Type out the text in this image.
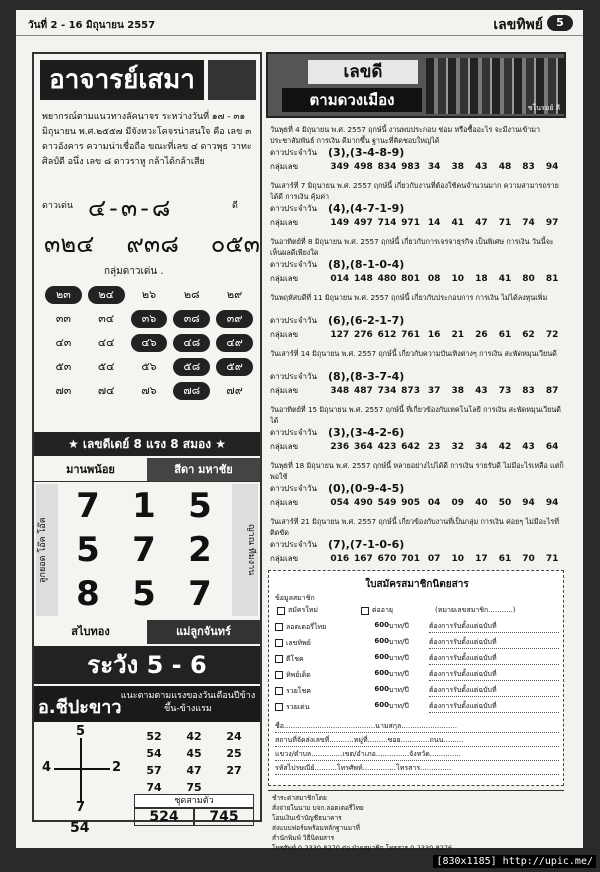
วันที่ 2 - 16 มิถุนายน 2557	เลขทิพย์	5
อาจารย์เสมา
พยากรณ์ตามแนวทางลัคนาจร ระหว่างวันที่ ๑๗ - ๓๑ มิถุนายน พ.ศ.๒๕๕๗ มีจังหวะโคจรน่าสนใจ คือ เลข ๓ ดาวอังคาร ความน่าเชื่อถือ ขณะที่เลข ๔ ดาวพุธ วาทะศิลป์ดี อนึ่ง เลข ๘ ดาวราหู กล้าได้กล้าเสีย
ดาวเด่น ๔-๓-๘	ดี
๓๒๔ ๙๓๘ ๐๕๓
กลุ่มดาวเด่น .
๒๓	๒๔	๒๖	๒๘	๒๙
๓๓	๓๔	๓๖	๓๘	๓๙
๔๓	๔๔	๔๖	๔๘	๔๙
๕๓	๕๔	๕๖	๕๘	๕๙
๗๓	๗๔	๗๖	๗๘	๗๙
★ เลขดีเดย์ 8 แรง 8 สมอง ★
มานพน้อย	สีดา มหาชัย
ลูกยอด โอ๊ค โอ๊ค
7 1 5
5 7 2
8 5 7
ญาณ ทีมงาน
สไบทอง	แม่ลูกจันทร์
ระวัง 5 - 6
อ.ชีปะขาว
แนะตามตามแรงของวันเดือนปีข้างขึ้น-ข้างแรม
5
4	2
7
54
52	42	24
54	45	25
57	47	27
74	75
ชุดสามตัว
524	745
เลขดี
ตามดวงเมือง	ชโนรมย์ ลี
วันพุธที่ 4 มิถุนายน พ.ศ. 2557 ฤกษ์นี้ งานพบประกอบ ช่อม หรือซื้ออะไร จะมีงานเข้ามาประชาสัมพันธ์ การเงิน ดีมากขึ้น ฐานะที่คิดชอบใหญ่ได้
ดาวประจำวัน	(3),(3-4-8-9)
กลุ่มเลข	349 498 834 983 34	38	43	48	83	94
วันเสาร์ที่ 7 มิถุนายน พ.ศ. 2557 ฤกษ์นี้ เกี่ยวกับงานที่ต้องใช้คนจำนวนมาก ความสามารถรายได้ดี การเงิน คุ้มค่า
ดาวประจำวัน	(4),(4-7-1-9)
กลุ่มเลข	149 497 714 971 14	41	47	71	74	97
วันอาทิตย์ที่ 8 มิถุนายน พ.ศ. 2557 ฤกษ์นี้ เกี่ยวกับการเจรจาธุรกิจ เป็นพิเศษ การเงิน วันนี้จะเห็นผลดีเพียงใด
ดาวประจำวัน	(8),(8-1-0-4)
กลุ่มเลข	014 148 480 801 08	10	18	41	80	81
วันพฤหัสบดีที่ 11 มิถุนายน พ.ศ. 2557 ฤกษ์นี้ เกี่ยวกับประกอบการ การเงิน ไม่ได้ลงทุนเพิ่ม
ดาวประจำวัน	(6),(6-2-1-7)
กลุ่มเลข	127 276 612 761 16	21	26	61	62	72
วันเสาร์ที่ 14 มิถุนายน พ.ศ. 2557 ฤกษ์นี้ เกี่ยวกับความบันเทิงต่างๆ การเงิน สะพัดหมุนเวียนดี
ดาวประจำวัน	(8),(8-3-7-4)
กลุ่มเลข	348 487 734 873 37	38	43	73	83	87
วันอาทิตย์ที่ 15 มิถุนายน พ.ศ. 2557 ฤกษ์นี้ ที่เกี่ยวข้องกับเทคโนโลยี การเงิน สะพัดหมุนเวียนดีได้
ดาวประจำวัน	(3),(3-4-2-6)
กลุ่มเลข	236 364 423 642 23	32	34	42	43	64
วันพุธที่ 18 มิถุนายน พ.ศ. 2557 ฤกษ์นี้ หลายอย่างไปได้ดี การเงิน รายรับดี ไม่มีอะไรเหลือ แต่ก็พอใช้
ดาวประจำวัน	(0),(0-9-4-5)
กลุ่มเลข	054 490 549 905 04	09	40	50	94	94
วันเสาร์ที่ 21 มิถุนายน พ.ศ. 2557 ฤกษ์นี้ เกี่ยวข้องกับงานที่เป็นกลุ่ม การเงิน ค่อยๆ ไม่มีอะไรที่ติดขัด
ดาวประจำวัน	(7),(7-1-0-6)
กลุ่มเลข	016 167 670 701 07	10	17	61	70	71
ใบสมัครสมาชิกนิตยสาร
ข้อมูลสมาชิก
สมัครใหม่	ต่ออายุ	(หมายเลขสมาชิก...........)
ลอตเตอรี่ไทย	600 บาท/ปี	ต้องการรับตั้งแต่ฉบับที่
เลขทิพย์	600 บาท/ปี	ต้องการรับตั้งแต่ฉบับที่
ตีโชค	600 บาท/ปี	ต้องการรับตั้งแต่ฉบับที่
ทิพย์เด็ด	600 บาท/ปี	ต้องการรับตั้งแต่ฉบับที่
รวยโชค	600 บาท/ปี	ต้องการรับตั้งแต่ฉบับที่
รวยเด่น	600 บาท/ปี	ต้องการรับตั้งแต่ฉบับที่
ชื่อ.........................................นามสกุล.........................
สถานที่จัดส่งเลขที่...........หมู่ที่.........ซอย.............ถนน.........
แขวง/ตำบล..............เขต/อำเภอ...............จังหวัด..............
รหัสไปรษณีย์..........โทรศัพท์...............โทรสาร..............
ชำระค่าสมาชิกโดย
สั่งจ่ายในนาม บจก.ลอตเตอรี่ไทย
โอนเงินเข้าบัญชีธนาคาร
ส่งแบบฟอร์มพร้อมหลักฐานมาที่
สำนักพิมพ์ วิธีนิตยสาร
โทรศัพท์ 0-2330-8270 ต่อ ฝ่ายสมาชิก โทรสาร 0-2330-8276
[830x1185] http://upic.me/
